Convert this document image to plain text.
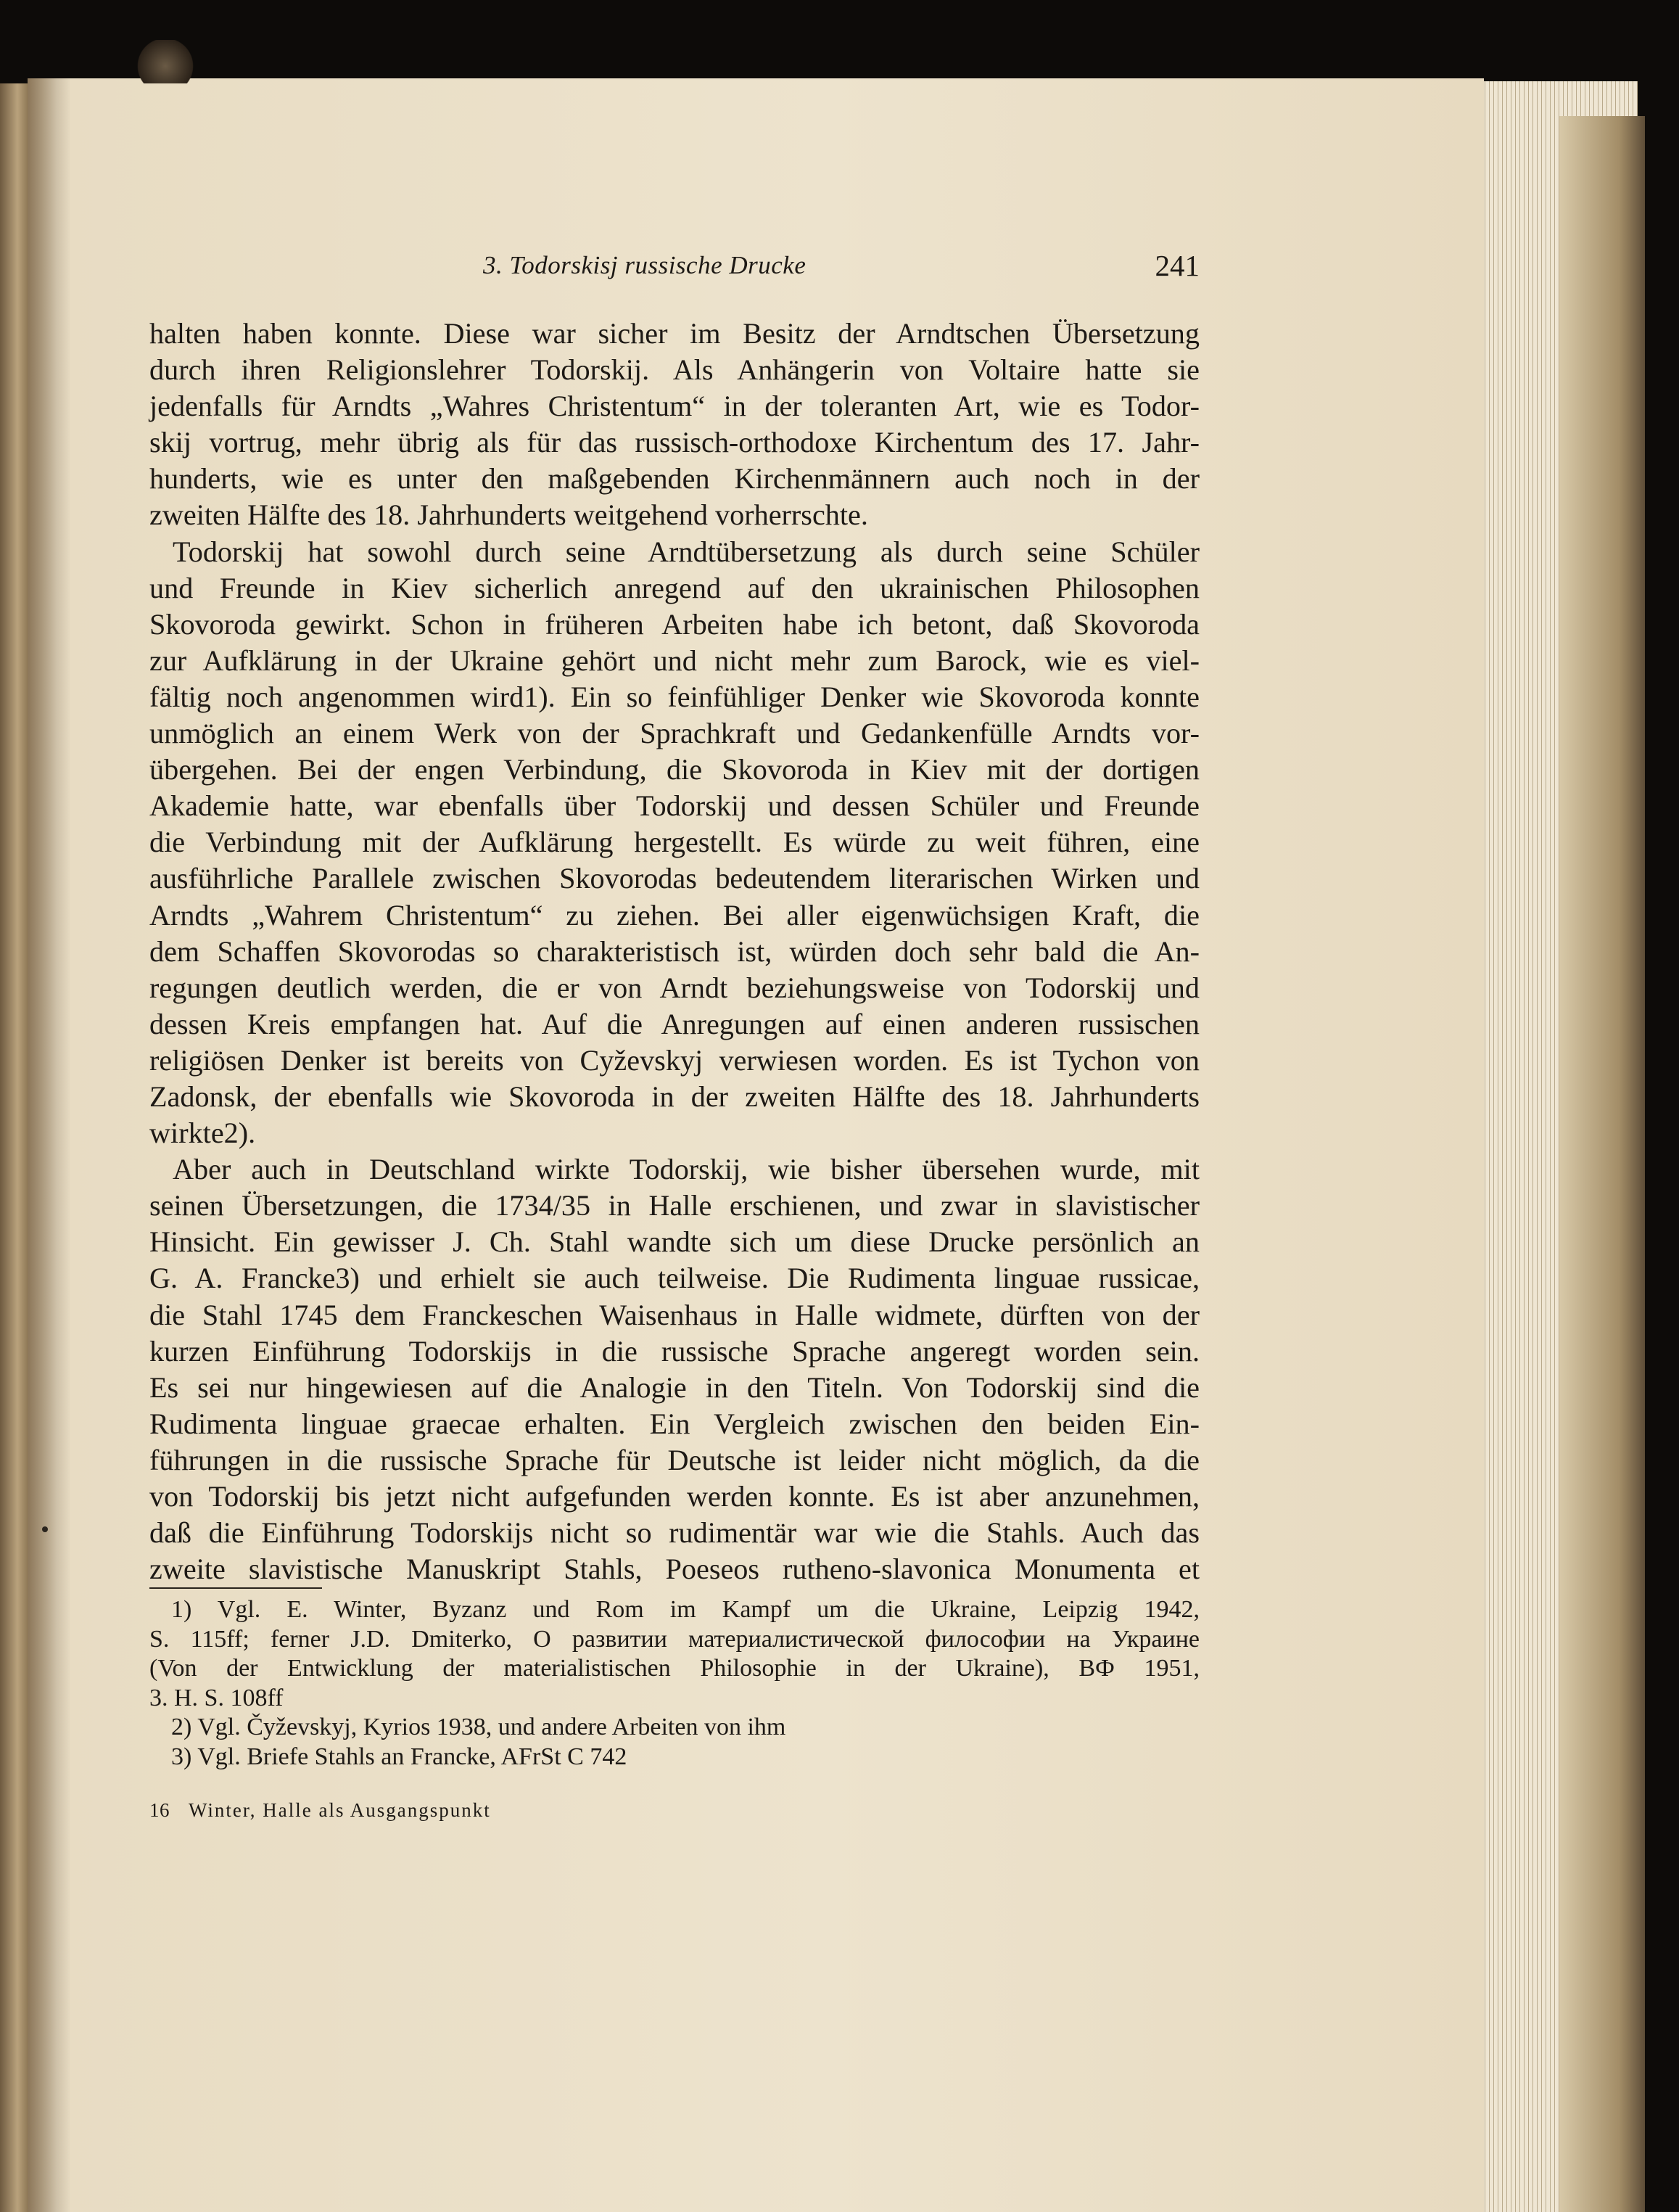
3. Todorskisj russische Drucke	241
halten haben konnte. Diese war sicher im Besitz der Arndtschen Übersetzung
durch ihren Religionslehrer Todorskij. Als Anhängerin von Voltaire hatte sie
jedenfalls für Arndts „Wahres Christentum“ in der toleranten Art, wie es Todor-
skij vortrug, mehr übrig als für das russisch-orthodoxe Kirchentum des 17. Jahr-
hunderts, wie es unter den maßgebenden Kirchenmännern auch noch in der
zweiten Hälfte des 18. Jahrhunderts weitgehend vorherrschte.
Todorskij hat sowohl durch seine Arndtübersetzung als durch seine Schüler
und Freunde in Kiev sicherlich anregend auf den ukrainischen Philosophen
Skovoroda gewirkt. Schon in früheren Arbeiten habe ich betont, daß Skovoroda
zur Aufklärung in der Ukraine gehört und nicht mehr zum Barock, wie es viel-
fältig noch angenommen wird1). Ein so feinfühliger Denker wie Skovoroda konnte
unmöglich an einem Werk von der Sprachkraft und Gedankenfülle Arndts vor-
übergehen. Bei der engen Verbindung, die Skovoroda in Kiev mit der dortigen
Akademie hatte, war ebenfalls über Todorskij und dessen Schüler und Freunde
die Verbindung mit der Aufklärung hergestellt. Es würde zu weit führen, eine
ausführliche Parallele zwischen Skovorodas bedeutendem literarischen Wirken und
Arndts „Wahrem Christentum“ zu ziehen. Bei aller eigenwüchsigen Kraft, die
dem Schaffen Skovorodas so charakteristisch ist, würden doch sehr bald die An-
regungen deutlich werden, die er von Arndt beziehungsweise von Todorskij und
dessen Kreis empfangen hat. Auf die Anregungen auf einen anderen russischen
religiösen Denker ist bereits von Cyževskyj verwiesen worden. Es ist Tychon von
Zadonsk, der ebenfalls wie Skovoroda in der zweiten Hälfte des 18. Jahrhunderts
wirkte2).
Aber auch in Deutschland wirkte Todorskij, wie bisher übersehen wurde, mit
seinen Übersetzungen, die 1734/35 in Halle erschienen, und zwar in slavistischer
Hinsicht. Ein gewisser J. Ch. Stahl wandte sich um diese Drucke persönlich an
G. A. Francke3) und erhielt sie auch teilweise. Die Rudimenta linguae russicae,
die Stahl 1745 dem Franckeschen Waisenhaus in Halle widmete, dürften von der
kurzen Einführung Todorskijs in die russische Sprache angeregt worden sein.
Es sei nur hingewiesen auf die Analogie in den Titeln. Von Todorskij sind die
Rudimenta linguae graecae erhalten. Ein Vergleich zwischen den beiden Ein-
führungen in die russische Sprache für Deutsche ist leider nicht möglich, da die
von Todorskij bis jetzt nicht aufgefunden werden konnte. Es ist aber anzunehmen,
daß die Einführung Todorskijs nicht so rudimentär war wie die Stahls. Auch das
zweite slavistische Manuskript Stahls, Poeseos rutheno-slavonica Monumenta et
1) Vgl. E. Winter, Byzanz und Rom im Kampf um die Ukraine, Leipzig 1942,
S. 115ff; ferner J.D. Dmiterko, О развитии материалистической философии на Украине
(Von der Entwicklung der materialistischen Philosophie in der Ukraine), ВФ 1951,
3. H. S. 108ff
2) Vgl. Čyževskyj, Kyrios 1938, und andere Arbeiten von ihm
3) Vgl. Briefe Stahls an Francke, AFrSt C 742
16 Winter, Halle als Ausgangspunkt
